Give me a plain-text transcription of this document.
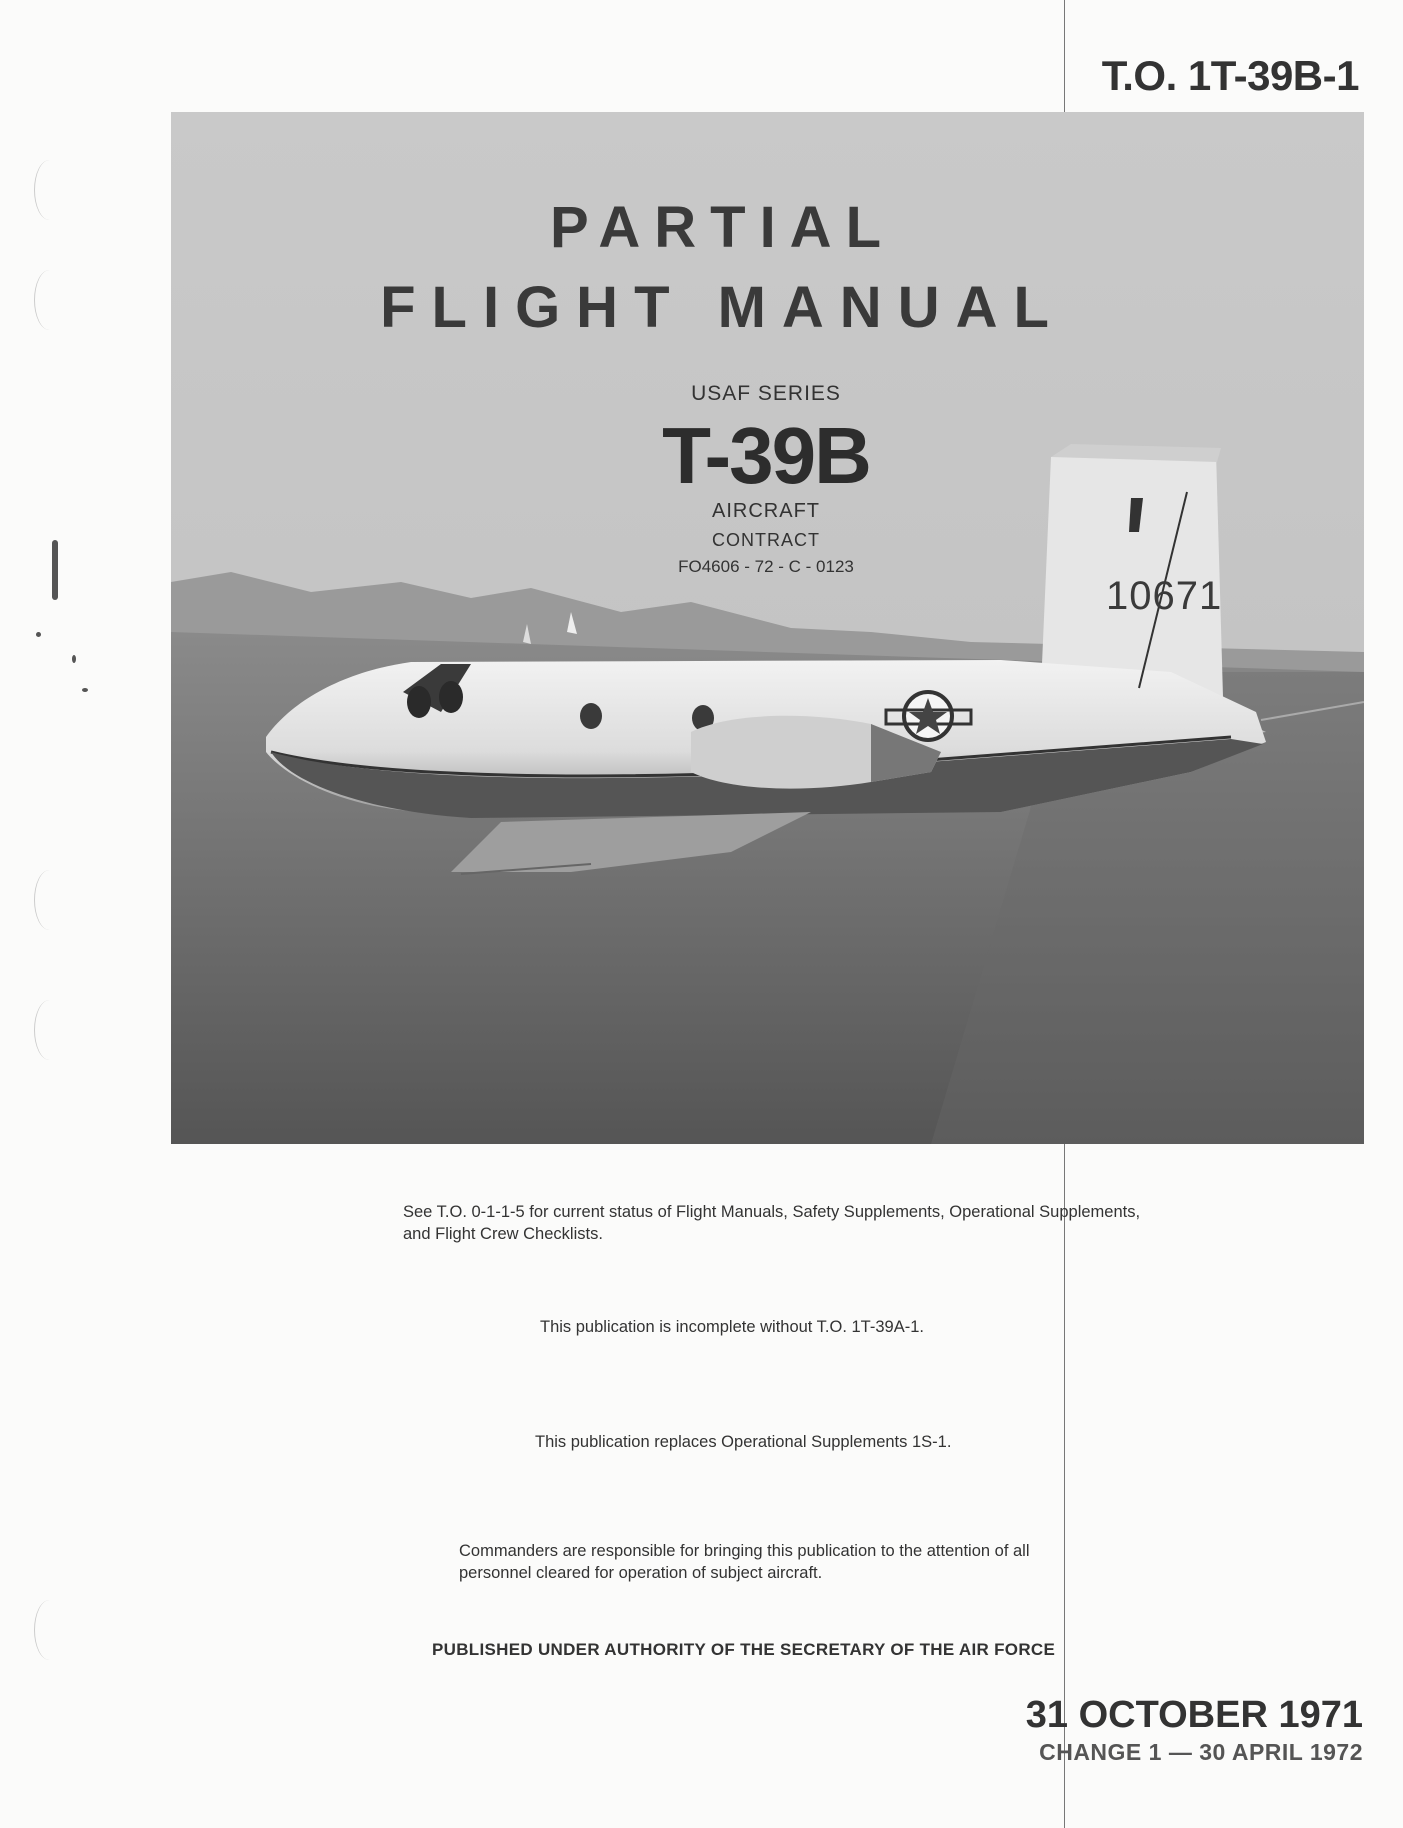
T.O. 1T-39B-1
PARTIAL
FLIGHT MANUAL
USAF SERIES
T-39B
AIRCRAFT
CONTRACT
FO4606 - 72 - C - 0123
10671
See T.O. 0-1-1-5 for current status of Flight Manuals, Safety Supplements, Operational Supplements, and Flight Crew Checklists.
This publication is incomplete without T.O. 1T-39A-1.
This publication replaces Operational Supplements 1S-1.
Commanders are responsible for bringing this publication to the attention of all personnel cleared for operation of subject aircraft.
PUBLISHED UNDER AUTHORITY OF THE SECRETARY OF THE AIR FORCE
31 OCTOBER 1971
CHANGE 1 — 30 APRIL 1972
